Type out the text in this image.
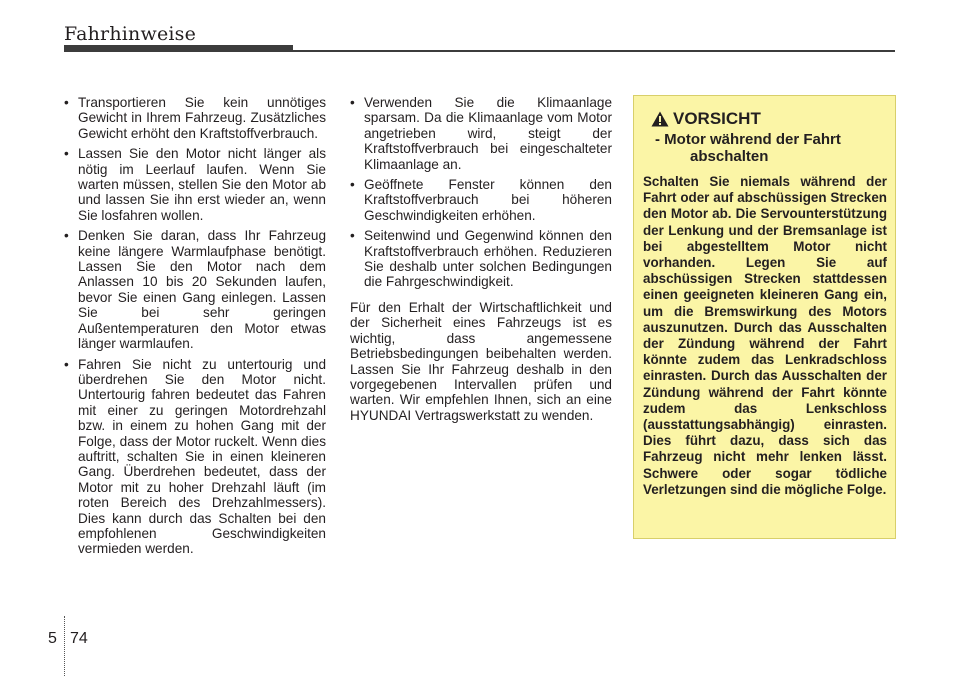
Fahrhinweise
• Transportieren Sie kein unnötiges Gewicht in Ihrem Fahrzeug. Zusätzliches Gewicht erhöht den Kraftstoffverbrauch.
• Lassen Sie den Motor nicht länger als nötig im Leerlauf laufen. Wenn Sie warten müssen, stellen Sie den Motor ab und lassen Sie ihn erst wieder an, wenn Sie losfahren wollen.
• Denken Sie daran, dass Ihr Fahrzeug keine längere Warmlaufphase benötigt. Lassen Sie den Motor nach dem Anlassen 10 bis 20 Sekunden laufen, bevor Sie einen Gang einlegen. Lassen Sie bei sehr geringen Außentemperaturen den Motor etwas länger warmlaufen.
• Fahren Sie nicht zu untertourig und überdrehen Sie den Motor nicht. Untertourig fahren bedeutet das Fahren mit einer zu geringen Motordrehzahl bzw. in einem zu hohen Gang mit der Folge, dass der Motor ruckelt. Wenn dies auftritt, schalten Sie in einen kleineren Gang. Überdrehen bedeutet, dass der Motor mit zu hoher Drehzahl läuft (im roten Bereich des Drehzahlmessers). Dies kann durch das Schalten bei den empfohlenen Geschwindigkeiten vermieden werden.
• Verwenden Sie die Klimaanlage sparsam. Da die Klimaanlage vom Motor angetrieben wird, steigt der Kraftstoffverbrauch bei eingeschalteter Klimaanlage an.
• Geöffnete Fenster können den Kraftstoffverbrauch bei höheren Geschwindigkeiten erhöhen.
• Seitenwind und Gegenwind können den Kraftstoffverbrauch erhöhen. Reduzieren Sie deshalb unter solchen Bedingungen die Fahrgeschwindigkeit.

Für den Erhalt der Wirtschaftlichkeit und der Sicherheit eines Fahrzeugs ist es wichtig, dass angemessene Betriebsbedingungen beibehalten werden. Lassen Sie Ihr Fahrzeug deshalb in den vorgegebenen Intervallen prüfen und warten. Wir empfehlen Ihnen, sich an eine HYUNDAI Vertragswerkstatt zu wenden.

VORSICHT
- Motor während der Fahrt abschalten
Schalten Sie niemals während der Fahrt oder auf abschüssigen Strecken den Motor ab. Die Servounterstützung der Lenkung und der Bremsanlage ist bei abgestelltem Motor nicht vorhanden. Legen Sie auf abschüssigen Strecken stattdessen einen geeigneten kleineren Gang ein, um die Bremswirkung des Motors auszunutzen. Durch das Ausschalten der Zündung während der Fahrt könnte zudem das Lenkradschloss einrasten. Durch das Ausschalten der Zündung während der Fahrt könnte zudem das Lenkschloss (ausstattungsabhängig) einrasten. Dies führt dazu, dass sich das Fahrzeug nicht mehr lenken lässt. Schwere oder sogar tödliche Verletzungen sind die mögliche Folge.
5 74
